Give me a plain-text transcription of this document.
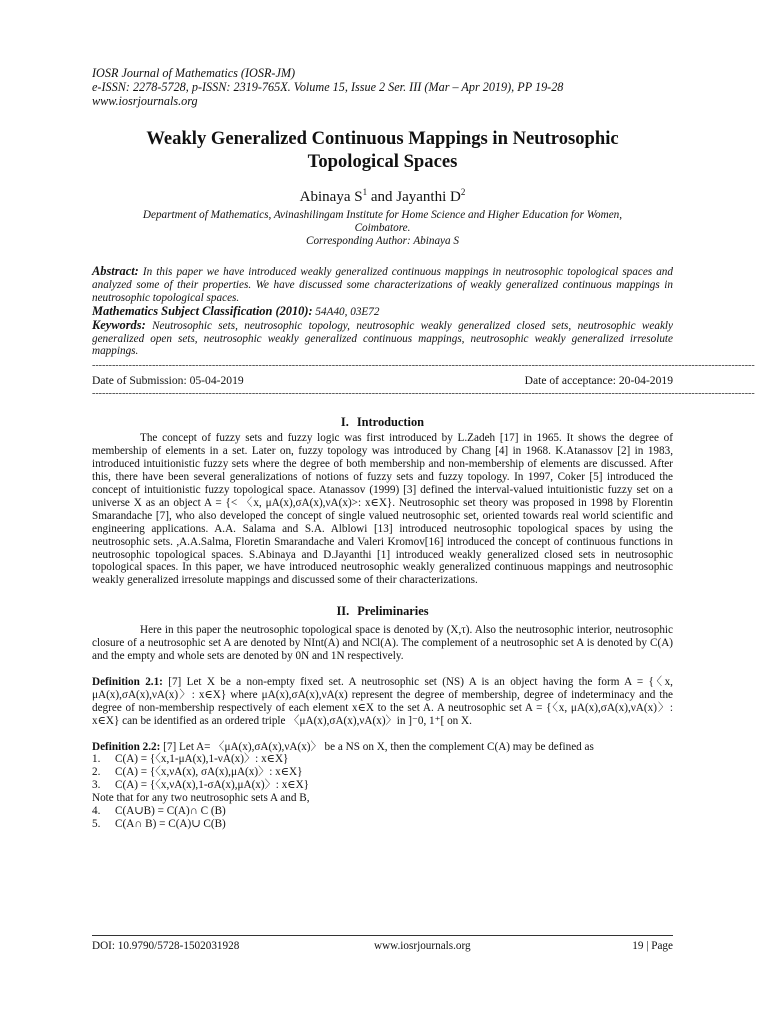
IOSR Journal of Mathematics (IOSR-JM)
e-ISSN: 2278-5728, p-ISSN: 2319-765X. Volume 15, Issue 2 Ser. III (Mar – Apr 2019), PP 19-28
www.iosrjournals.org
Weakly Generalized Continuous Mappings in Neutrosophic
Topological Spaces
Abinaya $S^1$ and Jayanthi $D^2$
Department of Mathematics, Avinashilingam Institute for Home Science and Higher Education for Women,
Coimbatore.
Corresponding Author: Abinaya S
Abstract: In this paper we have introduced weakly generalized continuous mappings in neutrosophic topological spaces and analyzed some of their properties. We have discussed some characterizations of weakly generalized continuous mappings in neutrosophic topological spaces.
Mathematics Subject Classification (2010): 54A40, 03E72
Keywords: Neutrosophic sets, neutrosophic topology, neutrosophic weakly generalized closed sets, neutrosophic weakly generalized open sets, neutrosophic weakly generalized continuous mappings, neutrosophic weakly generalized irresolute mappings.
-------------------------------------------------------------------------------------------------------------------------------------------------------------------------------------------------------
Date of Submission: 05-04-2019	Date of acceptance: 20-04-2019
-------------------------------------------------------------------------------------------------------------------------------------------------------------------------------------------------------
I. Introduction
The concept of fuzzy sets and fuzzy logic was first introduced by L.Zadeh [17] in 1965. It shows the degree of membership of elements in a set. Later on, fuzzy topology was introduced by Chang [4] in 1968. K.Atanassov [2] in 1983, introduced intuitionistic fuzzy sets where the degree of both membership and non-membership of elements are discussed. After this, there have been several generalizations of notions of fuzzy sets and fuzzy topology. In 1997, Coker [5] introduced the concept of intuitionistic fuzzy topological space. Atanassov (1999) [3] defined the interval-valued intuitionistic fuzzy set on a universe X as an object A = {< 〈x, μA(x),σA(x),νA(x)>: x∈X}. Neutrosophic set theory was proposed in 1998 by Florentin Smarandache [7], who also developed the concept of single valued neutrosophic set, oriented towards real world scientific and engineering applications. A.A. Salama and S.A. Alblowi [13] introduced neutrosophic topological spaces by using the neutrosophic sets. ,A.A.Salma, Floretin Smarandache and Valeri Kromov[16] introduced the concept of continuous functions in neutrosophic topological spaces. S.Abinaya and D.Jayanthi [1] introduced weakly generalized closed sets in neutrosophic topological spaces. In this paper, we have introduced neutrosophic weakly generalized continuous mappings and neutrosophic weakly generalized irresolute mappings and discussed some of their characterizations.
II. Preliminaries
Here in this paper the neutrosophic topological space is denoted by (X,τ). Also the neutrosophic interior, neutrosophic closure of a neutrosophic set A are denoted by NInt(A) and NCl(A). The complement of a neutrosophic set A is denoted by C(A) and the empty and whole sets are denoted by 0N and 1N respectively.
Definition 2.1: [7] Let X be a non-empty fixed set. A neutrosophic set (NS) A is an object having the form A = {〈x, μA(x),σA(x),νA(x)〉: x∈X} where μA(x),σA(x),νA(x) represent the degree of membership, degree of indeterminacy and the degree of non-membership respectively of each element x∈X to the set A. A neutrosophic set A = {〈x, μA(x),σA(x),νA(x)〉: x∈X} can be identified as an ordered triple 〈μA(x),σA(x),νA(x)〉in ]⁻0, 1⁺[ on X.
Definition 2.2: [7] Let A= 〈μA(x),σA(x),νA(x)〉 be a NS on X, then the complement C(A) may be defined as
1.	C(A) = {〈x,1-μA(x),1-νA(x)〉: x∈X}
2.	C(A) = {〈x,νA(x), σA(x),μA(x)〉: x∈X}
3.	C(A) = {〈x,νA(x),1-σA(x),μA(x)〉: x∈X}
Note that for any two neutrosophic sets A and B,
4.	C(A∪B) = C(A)∩ C (B)
5.	C(A∩ B) = C(A)∪ C(B)
DOI: 10.9790/5728-1502031928	www.iosrjournals.org	19 | Page
